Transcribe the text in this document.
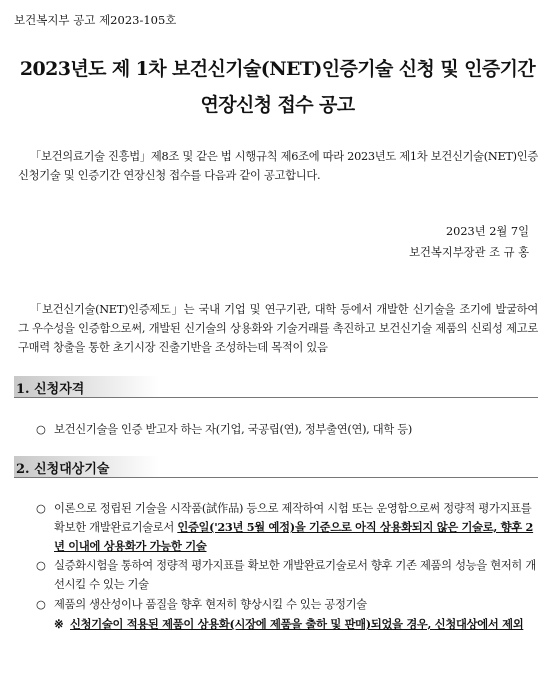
보건복지부 공고 제2023-105호
2023년도 제 1차 보건신기술(NET)인증기술 신청 및 인증기간
연장신청 접수 공고
「보건의료기술 진흥법」제8조 및 같은 법 시행규칙 제6조에 따라 2023년도 제1차 보건신기술(NET)인증 신청기술 및 인증기간 연장신청 접수를 다음과 같이 공고합니다.
2023년 2월 7일
보건복지부장관 조 규 홍
「보건신기술(NET)인증제도」는 국내 기업 및 연구기관, 대학 등에서 개발한 신기술을 조기에 발굴하여 그 우수성을 인증함으로써, 개발된 신기술의 상용화와 기술거래를 촉진하고 보건신기술 제품의 신뢰성 제고로 구매력 창출을 통한 초기시장 진출기반을 조성하는데 목적이 있음
1. 신청자격
○ 보건신기술을 인증 받고자 하는 자(기업, 국공립(연), 정부출연(연), 대학 등)
2. 신청대상기술
○ 이론으로 정립된 기술을 시작품(試作品) 등으로 제작하여 시험 또는 운영함으로써 정량적 평가지표를 확보한 개발완료기술로서 인증일('23년 5월 예정)을 기준으로 아직 상용화되지 않은 기술로, 향후 2년 이내에 상용화가 가능한 기술
○ 실증화시험을 통하여 정량적 평가지표를 확보한 개발완료기술로서 향후 기존 제품의 성능을 현저히 개선시킬 수 있는 기술
○ 제품의 생산성이나 품질을 향후 현저히 향상시킬 수 있는 공정기술
※ 신청기술이 적용된 제품이 상용화(시장에 제품을 출하 및 판매)되었을 경우, 신청대상에서 제외
